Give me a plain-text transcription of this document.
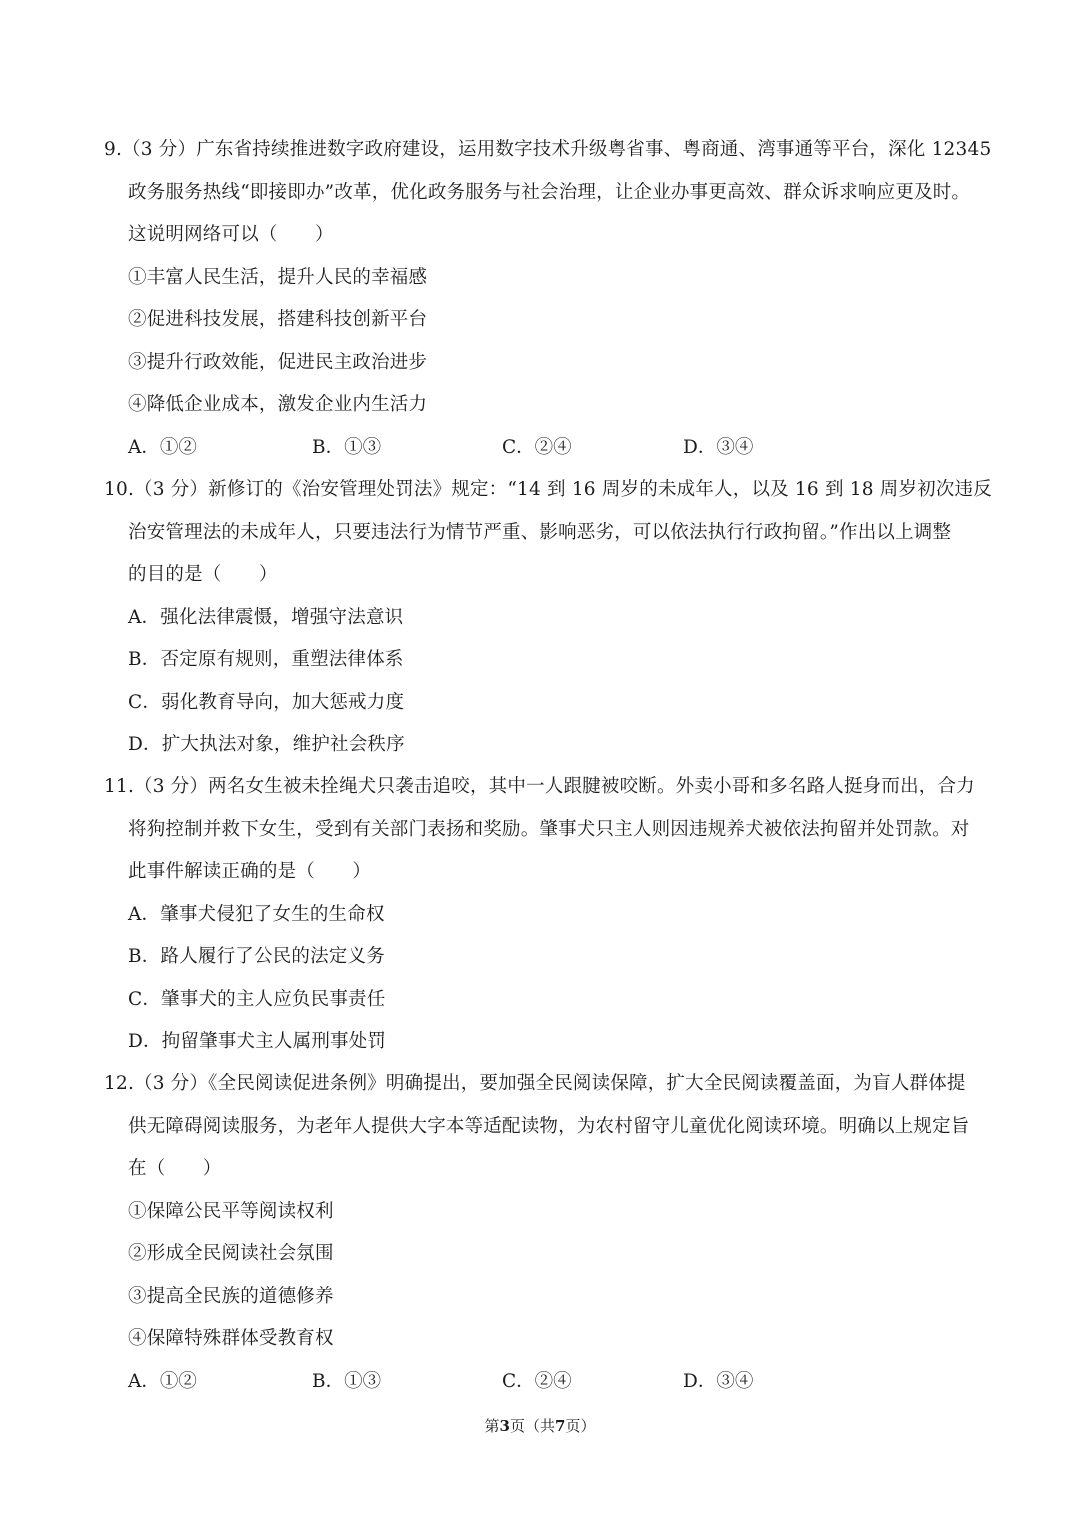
9.（3 分）广东省持续推进数字政府建设，运用数字技术升级粤省事、粤商通、湾事通等平台，深化 12345
政务服务热线“即接即办”改革，优化政务服务与社会治理，让企业办事更高效、群众诉求响应更及时。
这说明网络可以（　　）
①丰富人民生活，提升人民的幸福感
②促进科技发展，搭建科技创新平台
③提升行政效能，促进民主政治进步
④降低企业成本，激发企业内生活力
A．①②	B．①③	C．②④	D．③④
10.（3 分）新修订的《治安管理处罚法》规定：“14 到 16 周岁的未成年人，以及 16 到 18 周岁初次违反
治安管理法的未成年人，只要违法行为情节严重、影响恶劣，可以依法执行行政拘留。”作出以上调整
的目的是（　　）
A．强化法律震慑，增强守法意识
B．否定原有规则，重塑法律体系
C．弱化教育导向，加大惩戒力度
D．扩大执法对象，维护社会秩序
11.（3 分）两名女生被未拴绳犬只袭击追咬，其中一人跟腱被咬断。外卖小哥和多名路人挺身而出，合力
将狗控制并救下女生，受到有关部门表扬和奖励。肇事犬只主人则因违规养犬被依法拘留并处罚款。对
此事件解读正确的是（　　）
A．肇事犬侵犯了女生的生命权
B．路人履行了公民的法定义务
C．肇事犬的主人应负民事责任
D．拘留肇事犬主人属刑事处罚
12.（3 分）《全民阅读促进条例》明确提出，要加强全民阅读保障，扩大全民阅读覆盖面，为盲人群体提
供无障碍阅读服务，为老年人提供大字本等适配读物，为农村留守儿童优化阅读环境。明确以上规定旨
在（　　）
①保障公民平等阅读权利
②形成全民阅读社会氛围
③提高全民族的道德修养
④保障特殊群体受教育权
A．①②	B．①③	C．②④	D．③④
第3页（共7页）
